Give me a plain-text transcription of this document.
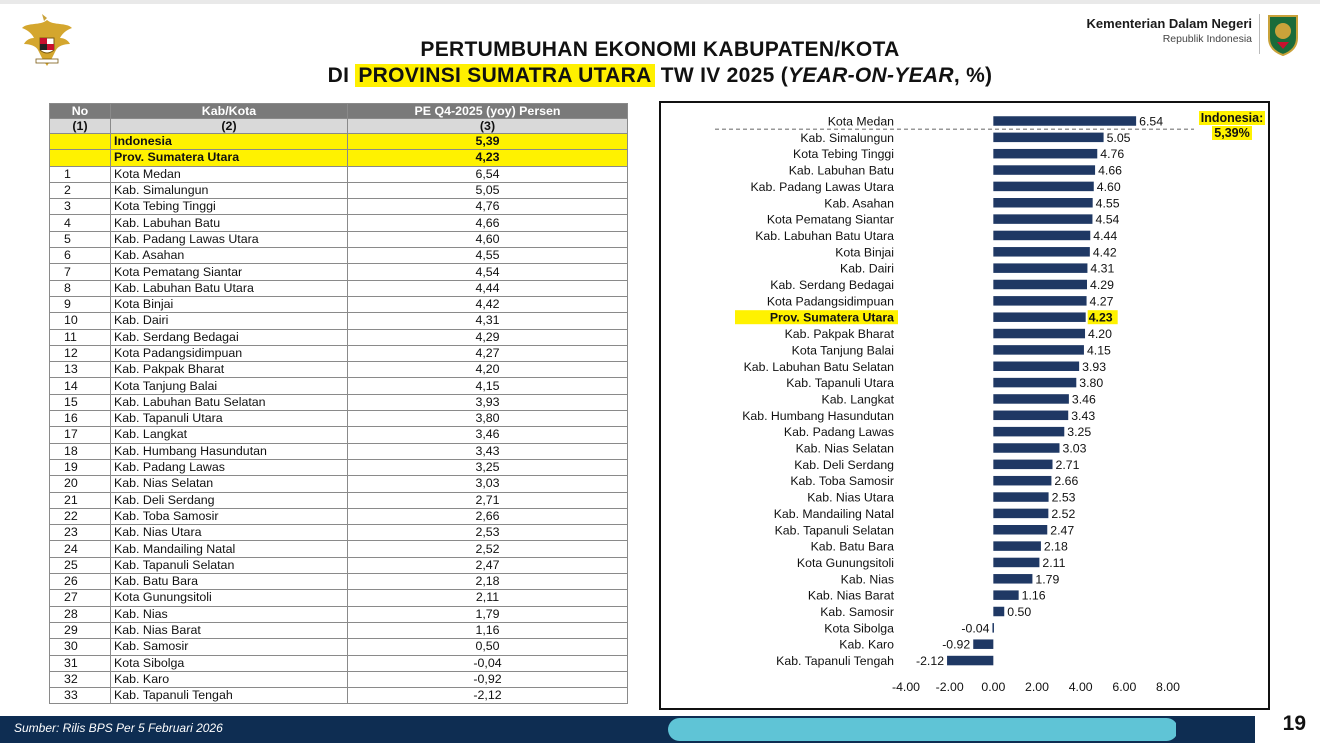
Kementerian Dalam Negeri
Republik Indonesia
PERTUMBUHAN EKONOMI KABUPATEN/KOTA
DI PROVINSI SUMATRA UTARA TW IV 2025 (YEAR-ON-YEAR, %)
No	Kab/Kota	PE Q4-2025 (yoy) Persen
(1)	(2)	(3)
	Indonesia	5,39
	Prov. Sumatera Utara	4,23
1	Kota Medan	6,54
2	Kab. Simalungun	5,05
3	Kota Tebing Tinggi	4,76
4	Kab. Labuhan Batu	4,66
5	Kab. Padang Lawas Utara	4,60
6	Kab. Asahan	4,55
7	Kota Pematang Siantar	4,54
8	Kab. Labuhan Batu Utara	4,44
9	Kota Binjai	4,42
10	Kab. Dairi	4,31
11	Kab. Serdang Bedagai	4,29
12	Kota Padangsidimpuan	4,27
13	Kab. Pakpak Bharat	4,20
14	Kota Tanjung Balai	4,15
15	Kab. Labuhan Batu Selatan	3,93
16	Kab. Tapanuli Utara	3,80
17	Kab. Langkat	3,46
18	Kab. Humbang Hasundutan	3,43
19	Kab. Padang Lawas	3,25
20	Kab. Nias Selatan	3,03
21	Kab. Deli Serdang	2,71
22	Kab. Toba Samosir	2,66
23	Kab. Nias Utara	2,53
24	Kab. Mandailing Natal	2,52
25	Kab. Tapanuli Selatan	2,47
26	Kab. Batu Bara	2,18
27	Kota Gunungsitoli	2,11
28	Kab. Nias	1,79
29	Kab. Nias Barat	1,16
30	Kab. Samosir	0,50
31	Kota Sibolga	-0,04
32	Kab. Karo	-0,92
33	Kab. Tapanuli Tengah	-2,12
Kota Medan	6.54
Kab. Simalungun	5.05
Kota Tebing Tinggi	4.76
Kab. Labuhan Batu	4.66
Kab. Padang Lawas Utara	4.60
Kab. Asahan	4.55
Kota Pematang Siantar	4.54
Kab. Labuhan Batu Utara	4.44
Kota Binjai	4.42
Kab. Dairi	4.31
Kab. Serdang Bedagai	4.29
Kota Padangsidimpuan	4.27
Prov. Sumatera Utara	4.23
Kab. Pakpak Bharat	4.20
Kota Tanjung Balai	4.15
Kab. Labuhan Batu Selatan	3.93
Kab. Tapanuli Utara	3.80
Kab. Langkat	3.46
Kab. Humbang Hasundutan	3.43
Kab. Padang Lawas	3.25
Kab. Nias Selatan	3.03
Kab. Deli Serdang	2.71
Kab. Toba Samosir	2.66
Kab. Nias Utara	2.53
Kab. Mandailing Natal	2.52
Kab. Tapanuli Selatan	2.47
Kab. Batu Bara	2.18
Kota Gunungsitoli	2.11
Kab. Nias	1.79
Kab. Nias Barat	1.16
Kab. Samosir	0.50
Kota Sibolga	-0.04
Kab. Karo	-0.92
Kab. Tapanuli Tengah -2.12
-4.00 -2.00 0.00 2.00 4.00 6.00 8.00
Indonesia:
5,39%
Sumber: Rilis BPS Per 5 Februari 2026	19
